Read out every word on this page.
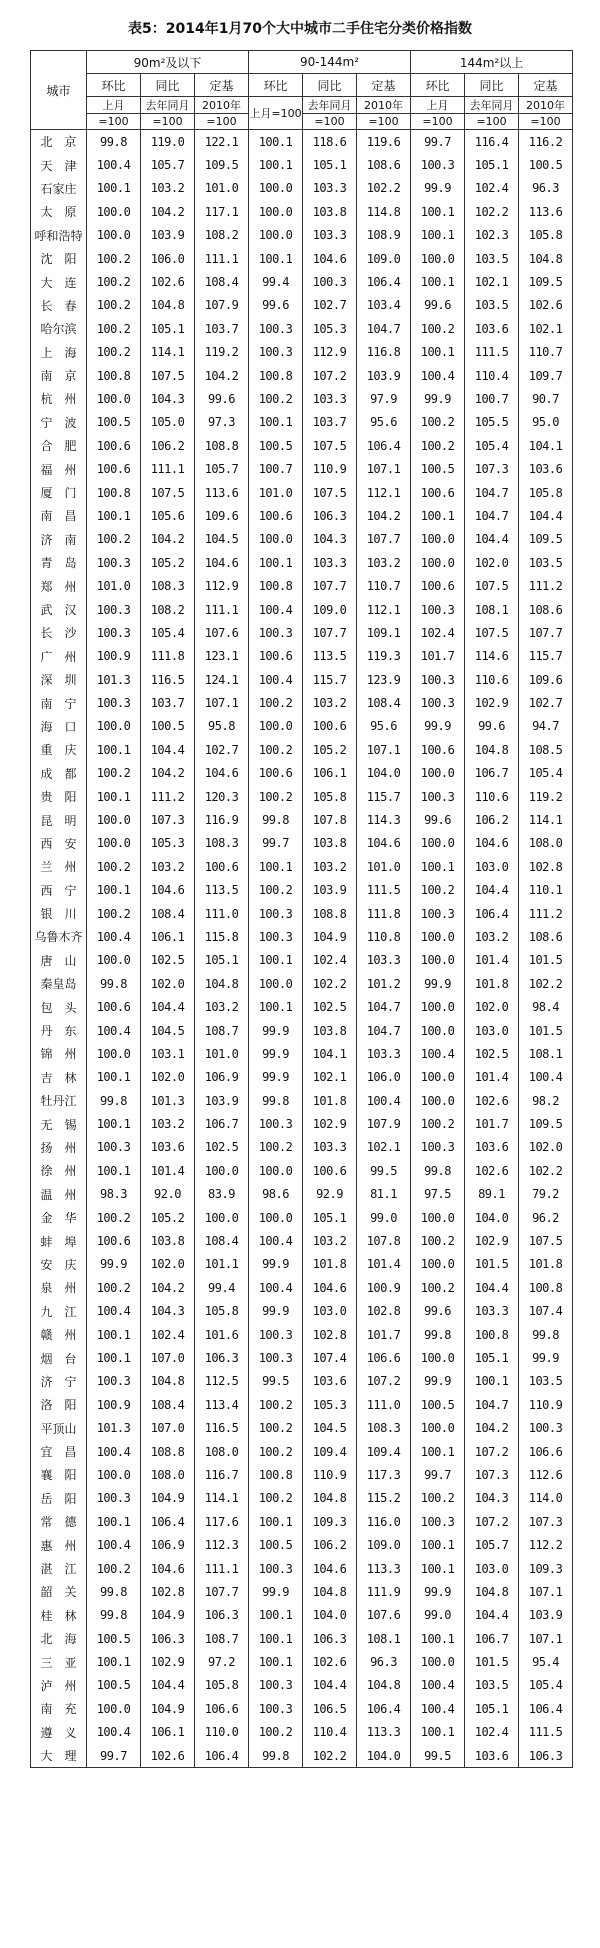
表5：2014年1月70个大中城市二手住宅分类价格指数
城市	90m²及以下			90-144m²			144m²以上		
	环比	同比	定基	环比	同比	定基	环比	同比	定基
	上月	去年同月	2010年	上月=100	去年同月	2010年	上月	去年同月	2010年
	=100	=100	=100		=100	=100	=100	=100	=100
北　京	99.8	119.0	122.1	100.1	118.6	119.6	99.7	116.4	116.2
天　津	100.4	105.7	109.5	100.1	105.1	108.6	100.3	105.1	100.5
石家庄	100.1	103.2	101.0	100.0	103.3	102.2	99.9	102.4	96.3
太　原	100.0	104.2	117.1	100.0	103.8	114.8	100.1	102.2	113.6
呼和浩特	100.0	103.9	108.2	100.0	103.3	108.9	100.1	102.3	105.8
沈　阳	100.2	106.0	111.1	100.1	104.6	109.0	100.0	103.5	104.8
大　连	100.2	102.6	108.4	99.4	100.3	106.4	100.1	102.1	109.5
长　春	100.2	104.8	107.9	99.6	102.7	103.4	99.6	103.5	102.6
哈尔滨	100.2	105.1	103.7	100.3	105.3	104.7	100.2	103.6	102.1
上　海	100.2	114.1	119.2	100.3	112.9	116.8	100.1	111.5	110.7
南　京	100.8	107.5	104.2	100.8	107.2	103.9	100.4	110.4	109.7
杭　州	100.0	104.3	99.6	100.2	103.3	97.9	99.9	100.7	90.7
宁　波	100.5	105.0	97.3	100.1	103.7	95.6	100.2	105.5	95.0
合　肥	100.6	106.2	108.8	100.5	107.5	106.4	100.2	105.4	104.1
福　州	100.6	111.1	105.7	100.7	110.9	107.1	100.5	107.3	103.6
厦　门	100.8	107.5	113.6	101.0	107.5	112.1	100.6	104.7	105.8
南　昌	100.1	105.6	109.6	100.6	106.3	104.2	100.1	104.7	104.4
济　南	100.2	104.2	104.5	100.0	104.3	107.7	100.0	104.4	109.5
青　岛	100.3	105.2	104.6	100.1	103.3	103.2	100.0	102.0	103.5
郑　州	101.0	108.3	112.9	100.8	107.7	110.7	100.6	107.5	111.2
武　汉	100.3	108.2	111.1	100.4	109.0	112.1	100.3	108.1	108.6
长　沙	100.3	105.4	107.6	100.3	107.7	109.1	102.4	107.5	107.7
广　州	100.9	111.8	123.1	100.6	113.5	119.3	101.7	114.6	115.7
深　圳	101.3	116.5	124.1	100.4	115.7	123.9	100.3	110.6	109.6
南　宁	100.3	103.7	107.1	100.2	103.2	108.4	100.3	102.9	102.7
海　口	100.0	100.5	95.8	100.0	100.6	95.6	99.9	99.6	94.7
重　庆	100.1	104.4	102.7	100.2	105.2	107.1	100.6	104.8	108.5
成　都	100.2	104.2	104.6	100.6	106.1	104.0	100.0	106.7	105.4
贵　阳	100.1	111.2	120.3	100.2	105.8	115.7	100.3	110.6	119.2
昆　明	100.0	107.3	116.9	99.8	107.8	114.3	99.6	106.2	114.1
西　安	100.0	105.3	108.3	99.7	103.8	104.6	100.0	104.6	108.0
兰　州	100.2	103.2	100.6	100.1	103.2	101.0	100.1	103.0	102.8
西　宁	100.1	104.6	113.5	100.2	103.9	111.5	100.2	104.4	110.1
银　川	100.2	108.4	111.0	100.3	108.8	111.8	100.3	106.4	111.2
乌鲁木齐	100.4	106.1	115.8	100.3	104.9	110.8	100.0	103.2	108.6
唐　山	100.0	102.5	105.1	100.1	102.4	103.3	100.0	101.4	101.5
秦皇岛	99.8	102.0	104.8	100.0	102.2	101.2	99.9	101.8	102.2
包　头	100.6	104.4	103.2	100.1	102.5	104.7	100.0	102.0	98.4
丹　东	100.4	104.5	108.7	99.9	103.8	104.7	100.0	103.0	101.5
锦　州	100.0	103.1	101.0	99.9	104.1	103.3	100.4	102.5	108.1
吉　林	100.1	102.0	106.9	99.9	102.1	106.0	100.0	101.4	100.4
牡丹江	99.8	101.3	103.9	99.8	101.8	100.4	100.0	102.6	98.2
无　锡	100.1	103.2	106.7	100.3	102.9	107.9	100.2	101.7	109.5
扬　州	100.3	103.6	102.5	100.2	103.3	102.1	100.3	103.6	102.0
徐　州	100.1	101.4	100.0	100.0	100.6	99.5	99.8	102.6	102.2
温　州	98.3	92.0	83.9	98.6	92.9	81.1	97.5	89.1	79.2
金　华	100.2	105.2	100.0	100.0	105.1	99.0	100.0	104.0	96.2
蚌　埠	100.6	103.8	108.4	100.4	103.2	107.8	100.2	102.9	107.5
安　庆	99.9	102.0	101.1	99.9	101.8	101.4	100.0	101.5	101.8
泉　州	100.2	104.2	99.4	100.4	104.6	100.9	100.2	104.4	100.8
九　江	100.4	104.3	105.8	99.9	103.0	102.8	99.6	103.3	107.4
赣　州	100.1	102.4	101.6	100.3	102.8	101.7	99.8	100.8	99.8
烟　台	100.1	107.0	106.3	100.3	107.4	106.6	100.0	105.1	99.9
济　宁	100.3	104.8	112.5	99.5	103.6	107.2	99.9	100.1	103.5
洛　阳	100.9	108.4	113.4	100.2	105.3	111.0	100.5	104.7	110.9
平顶山	101.3	107.0	116.5	100.2	104.5	108.3	100.0	104.2	100.3
宜　昌	100.4	108.8	108.0	100.2	109.4	109.4	100.1	107.2	106.6
襄　阳	100.0	108.0	116.7	100.8	110.9	117.3	99.7	107.3	112.6
岳　阳	100.3	104.9	114.1	100.2	104.8	115.2	100.2	104.3	114.0
常　德	100.1	106.4	117.6	100.1	109.3	116.0	100.3	107.2	107.3
惠　州	100.4	106.9	112.3	100.5	106.2	109.0	100.1	105.7	112.2
湛　江	100.2	104.6	111.1	100.3	104.6	113.3	100.1	103.0	109.3
韶　关	99.8	102.8	107.7	99.9	104.8	111.9	99.9	104.8	107.1
桂　林	99.8	104.9	106.3	100.1	104.0	107.6	99.0	104.4	103.9
北　海	100.5	106.3	108.7	100.1	106.3	108.1	100.1	106.7	107.1
三　亚	100.1	102.9	97.2	100.1	102.6	96.3	100.0	101.5	95.4
泸　州	100.5	104.4	105.8	100.3	104.4	104.8	100.4	103.5	105.4
南　充	100.0	104.9	106.6	100.3	106.5	106.4	100.4	105.1	106.4
遵　义	100.4	106.1	110.0	100.2	110.4	113.3	100.1	102.4	111.5
大　理	99.7	102.6	106.4	99.8	102.2	104.0	99.5	103.6	106.3
